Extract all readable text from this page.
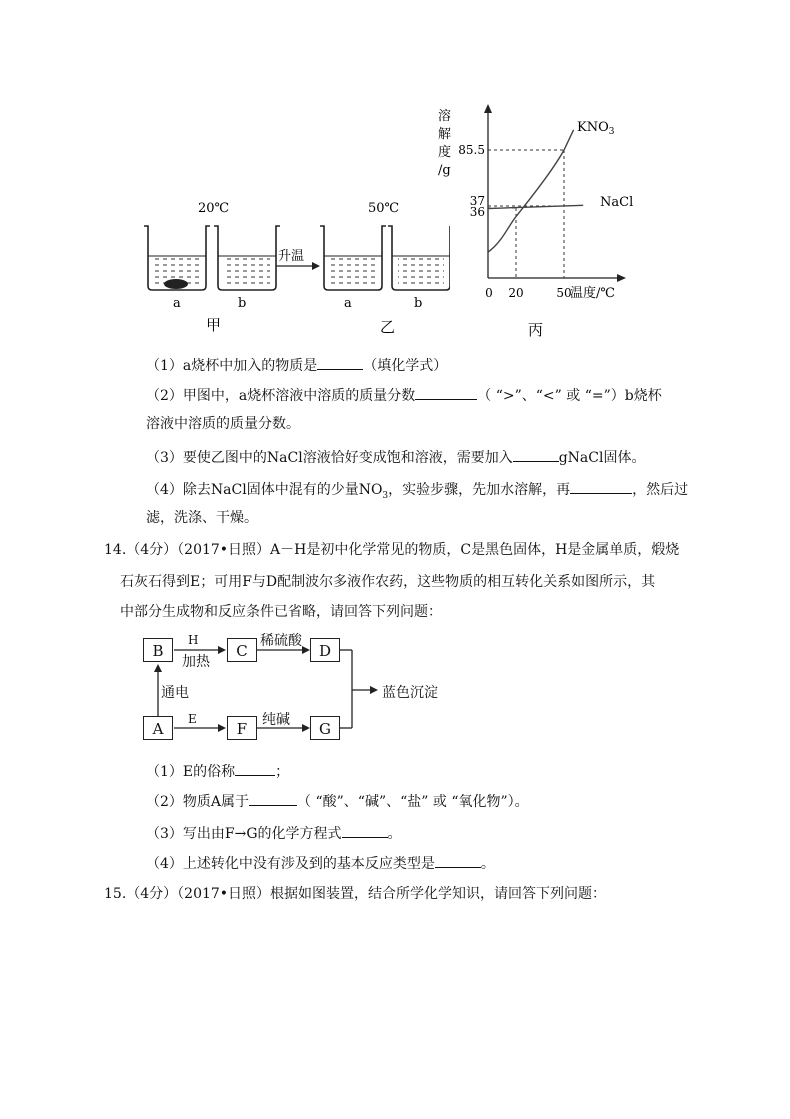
20℃	50℃
升温
a	b	a	b
甲	乙
溶
解
度
/g
36
37
85.5
0 20	50
$KNO_3$
NaCl
温度/℃
丙
（1）a烧杯中加入的物质是	（填化学式）
（2）甲图中，a烧杯溶液中溶质的质量分数	（ “>”、“<” 或 “=”）b烧杯
溶液中溶质的质量分数。
（3）要使乙图中的NaCl溶液恰好变成饱和溶液，需要加入	gNaCl固体。
（4）除去NaCl固体中混有的少量$NO_3$，实验步骤，先加水溶解，再	，然后过
滤，洗涤、干燥。
14.（4分）（2017•日照）A－H是初中化学常见的物质，C是黑色固体，H是金属单质，煅烧
石灰石得到E；可用F与D配制波尔多液作农药，这些物质的相互转化关系如图所示，其
中部分生成物和反应条件已省略，请回答下列问题：
B	C	D
A	F	G
H
加热
稀硫酸
通电
E	纯碱
蓝色沉淀
（1）E的俗称	；
（2）物质A属于	（ “酸”、“碱”、“盐” 或 “氧化物”）。
（3）写出由F→G的化学方程式	。
（4）上述转化中没有涉及到的基本反应类型是	。
15.（4分）（2017•日照）根据如图装置，结合所学化学知识，请回答下列问题：
